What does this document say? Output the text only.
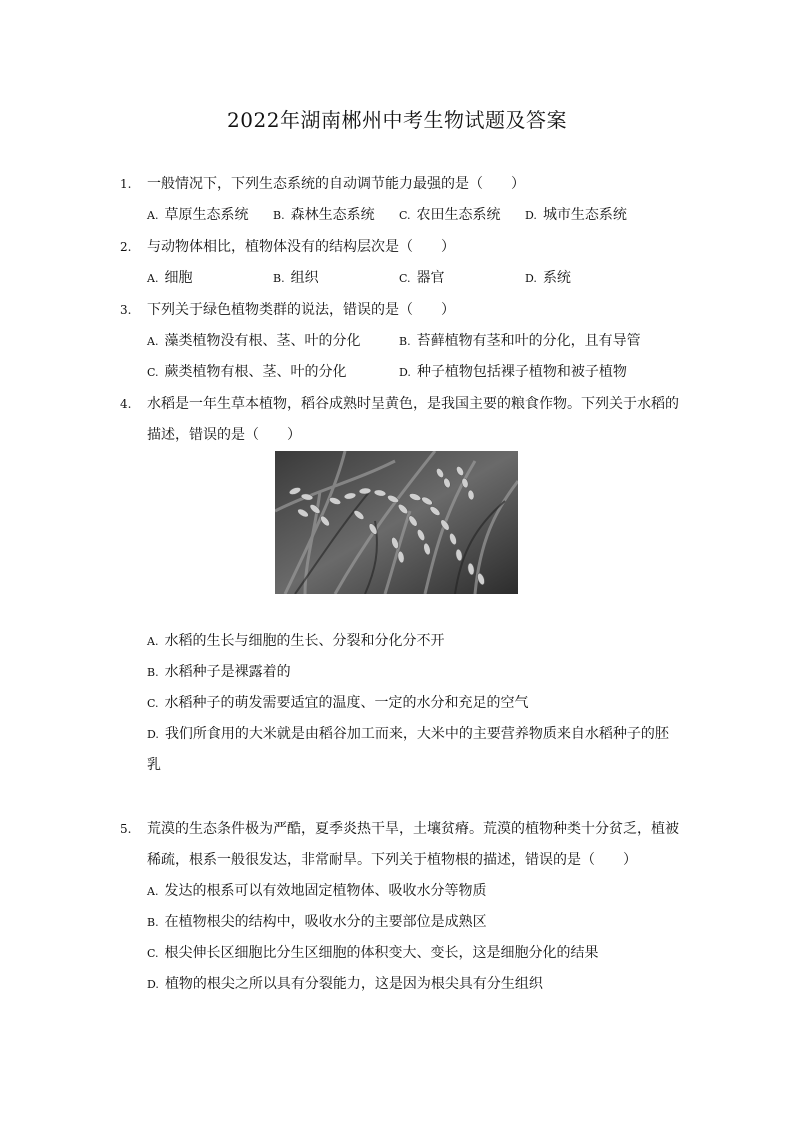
2022年湖南郴州中考生物试题及答案
1. 一般情况下，下列生态系统的自动调节能力最强的是（　　）
A. 草原生态系统	B. 森林生态系统	C. 农田生态系统	D. 城市生态系统
2. 与动物体相比，植物体没有的结构层次是（　　）
A. 细胞	B. 组织	C. 器官	D. 系统
3. 下列关于绿色植物类群的说法，错误的是（　　）
A. 藻类植物没有根、茎、叶的分化	B. 苔藓植物有茎和叶的分化，且有导管
C. 蕨类植物有根、茎、叶的分化	D. 种子植物包括裸子植物和被子植物
4. 水稻是一年生草本植物，稻谷成熟时呈黄色，是我国主要的粮食作物。下列关于水稻的
描述，错误的是（　　）
A. 水稻的生长与细胞的生长、分裂和分化分不开
B. 水稻种子是裸露着的
C. 水稻种子的萌发需要适宜的温度、一定的水分和充足的空气
D. 我们所食用的大米就是由稻谷加工而来，大米中的主要营养物质来自水稻种子的胚
乳
5. 荒漠的生态条件极为严酷，夏季炎热干旱，土壤贫瘠。荒漠的植物种类十分贫乏，植被
稀疏，根系一般很发达，非常耐旱。下列关于植物根的描述，错误的是（　　）
A. 发达的根系可以有效地固定植物体、吸收水分等物质
B. 在植物根尖的结构中，吸收水分的主要部位是成熟区
C. 根尖伸长区细胞比分生区细胞的体积变大、变长，这是细胞分化的结果
D. 植物的根尖之所以具有分裂能力，这是因为根尖具有分生组织
